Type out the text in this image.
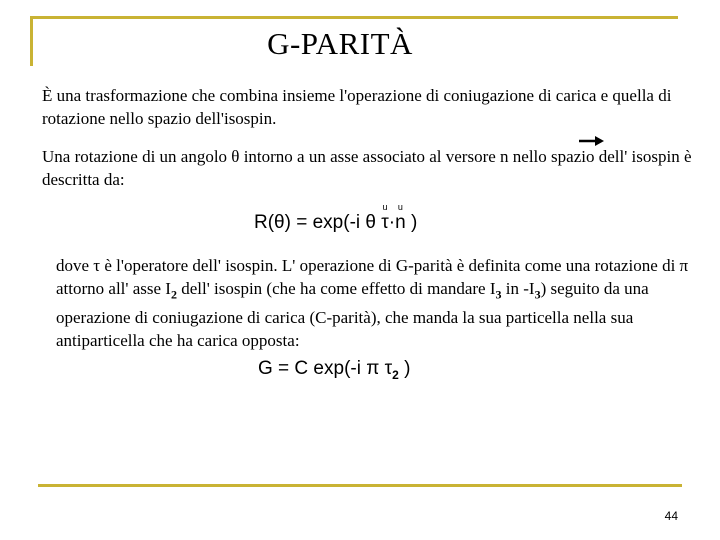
G-PARITÀ

È una trasformazione che combina insieme l'operazione di coniugazione di carica e quella di rotazione nello spazio dell'isospin.

Una rotazione di un angolo θ intorno a un asse associato al versore n nello spazio dell' isospin è descritta da:

R(θ) = exp(-i θ
u
τ·
u
n )

dove τ è l'operatore dell' isospin. L' operazione di G-parità è definita come una rotazione di π attorno all' asse $I_2$ dell' isospin (che ha come effetto di mandare $I_3$ in $-I_3$) seguito da una operazione di coniugazione di carica (C-parità), che manda la sua particella nella sua antiparticella che ha carica opposta:

G = C exp(-i π $\tau_2$ )
44
